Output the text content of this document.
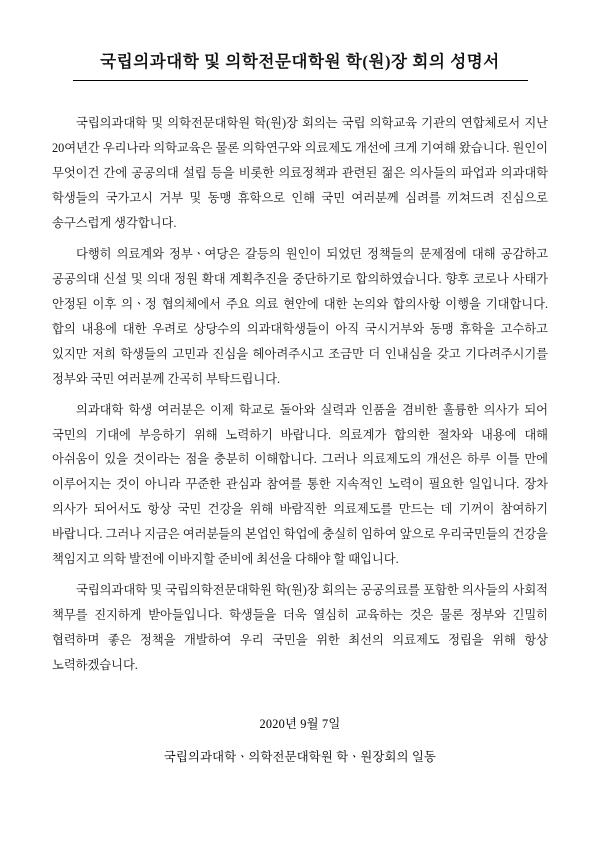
국립의과대학 및 의학전문대학원 학(원)장 회의 성명서

국립의과대학 및 의학전문대학원 학(원)장 회의는 국립 의학교육 기관의 연합체로서 지난 20여년간 우리나라 의학교육은 물론 의학연구와 의료제도 개선에 크게 기여해 왔습니다. 원인이 무엇이건 간에 공공의대 설립 등을 비롯한 의료정책과 관련된 젊은 의사들의 파업과 의과대학 학생들의 국가고시 거부 및 동맹 휴학으로 인해 국민 여러분께 심려를 끼쳐드려 진심으로 송구스럽게 생각합니다.

다행히 의료계와 정부ㆍ여당은 갈등의 원인이 되었던 정책들의 문제점에 대해 공감하고 공공의대 신설 및 의대 정원 확대 계획추진을 중단하기로 합의하였습니다. 향후 코로나 사태가 안정된 이후 의ㆍ정 협의체에서 주요 의료 현안에 대한 논의와 합의사항 이행을 기대합니다. 합의 내용에 대한 우려로 상당수의 의과대학생들이 아직 국시거부와 동맹 휴학을 고수하고 있지만 저희 학생들의 고민과 진심을 헤아려주시고 조금만 더 인내심을 갖고 기다려주시기를 정부와 국민 여러분께 간곡히 부탁드립니다.

의과대학 학생 여러분은 이제 학교로 돌아와 실력과 인품을 겸비한 훌륭한 의사가 되어 국민의 기대에 부응하기 위해 노력하기 바랍니다. 의료계가 합의한 절차와 내용에 대해 아쉬움이 있을 것이라는 점을 충분히 이해합니다. 그러나 의료제도의 개선은 하루 이틀 만에 이루어지는 것이 아니라 꾸준한 관심과 참여를 통한 지속적인 노력이 필요한 일입니다. 장차 의사가 되어서도 항상 국민 건강을 위해 바람직한 의료제도를 만드는 데 기꺼이 참여하기 바랍니다. 그러나 지금은 여러분들의 본업인 학업에 충실히 임하여 앞으로 우리국민들의 건강을 책임지고 의학 발전에 이바지할 준비에 최선을 다해야 할 때입니다.

국립의과대학 및 국립의학전문대학원 학(원)장 회의는 공공의료를 포함한 의사들의 사회적 책무를 진지하게 받아들입니다. 학생들을 더욱 열심히 교육하는 것은 물론 정부와 긴밀히 협력하며 좋은 정책을 개발하여 우리 국민을 위한 최선의 의료제도 정립을 위해 항상 노력하겠습니다.

2020년 9월 7일
국립의과대학ㆍ의학전문대학원 학ㆍ원장회의 일동
